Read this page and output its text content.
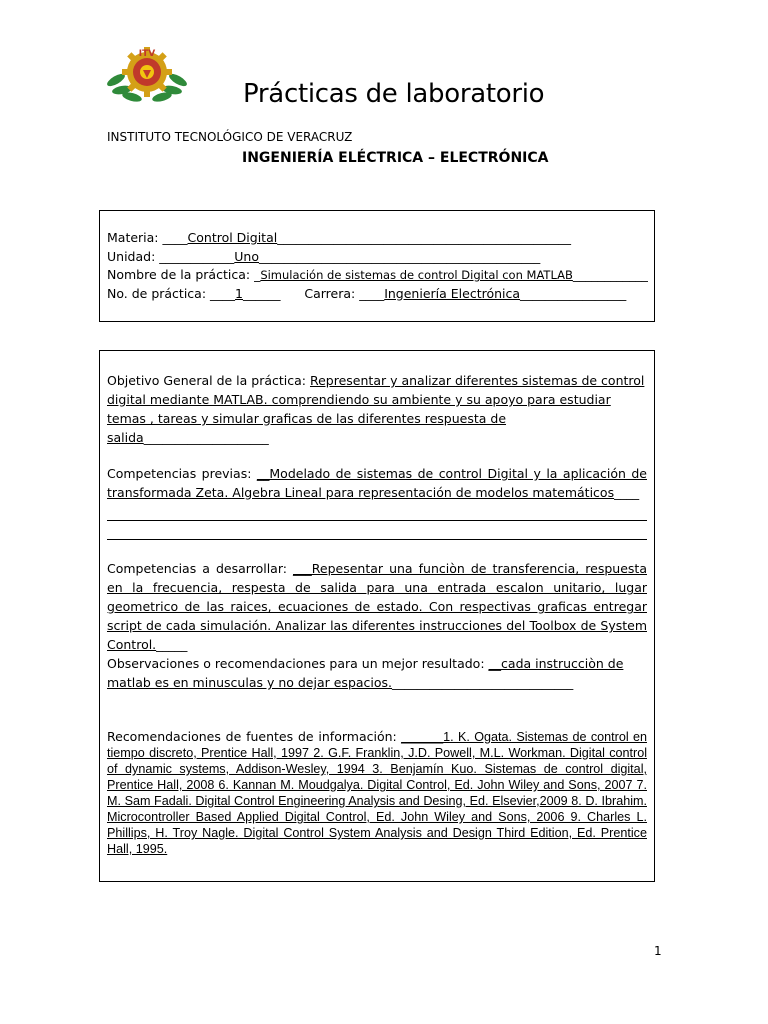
ITV
Prácticas de laboratorio
INSTITUTO TECNOLÓGICO DE VERACRUZ
INGENIERÍA ELÉCTRICA – ELECTRÓNICA
Materia: ____Control Digital_______________________________________________
Unidad: ____________Uno_____________________________________________
Nombre de la práctica: _Simulación de sistemas de control Digital con MATLAB____________
No. de práctica: ____1______ Carrera: ____Ingeniería Electrónica_________________
Objetivo General de la práctica: Representar y analizar diferentes sistemas de control digital mediante MATLAB. comprendiendo su ambiente y su apoyo para estudiar temas , tareas y simular graficas de las diferentes respuesta de salida____________________
Competencias previas: __Modelado de sistemas de control Digital y la aplicación de transformada Zeta. Algebra Lineal para representación de modelos matemáticos____
Competencias a desarrollar: ___Repesentar una funciòn de transferencia, respuesta en la frecuencia, respesta de salida para una entrada escalon unitario, lugar geometrico de las raices, ecuaciones de estado. Con respectivas graficas entregar script de cada simulación. Analizar las diferentes instrucciones del Toolbox de System Control._____
Observaciones o recomendaciones para un mejor resultado: __cada instrucciòn de matlab es en minusculas y no dejar espacios._____________________________
Recomendaciones de fuentes de información: ______1. K. Ogata. Sistemas de control en tiempo discreto, Prentice Hall, 1997 2. G.F. Franklin, J.D. Powell, M.L. Workman. Digital control of dynamic systems, Addison-Wesley, 1994 3. Benjamín Kuo. Sistemas de control digital, Prentice Hall, 2008 6. Kannan M. Moudgalya. Digital Control, Ed. John Wiley and Sons, 2007 7. M. Sam Fadali. Digital Control Engineering Analysis and Desing, Ed. Elsevier,2009 8. D. Ibrahim. Microcontroller Based Applied Digital Control, Ed. John Wiley and Sons, 2006 9. Charles L. Phillips, H. Troy Nagle. Digital Control System Analysis and Design Third Edition, Ed. Prentice Hall, 1995.
1
